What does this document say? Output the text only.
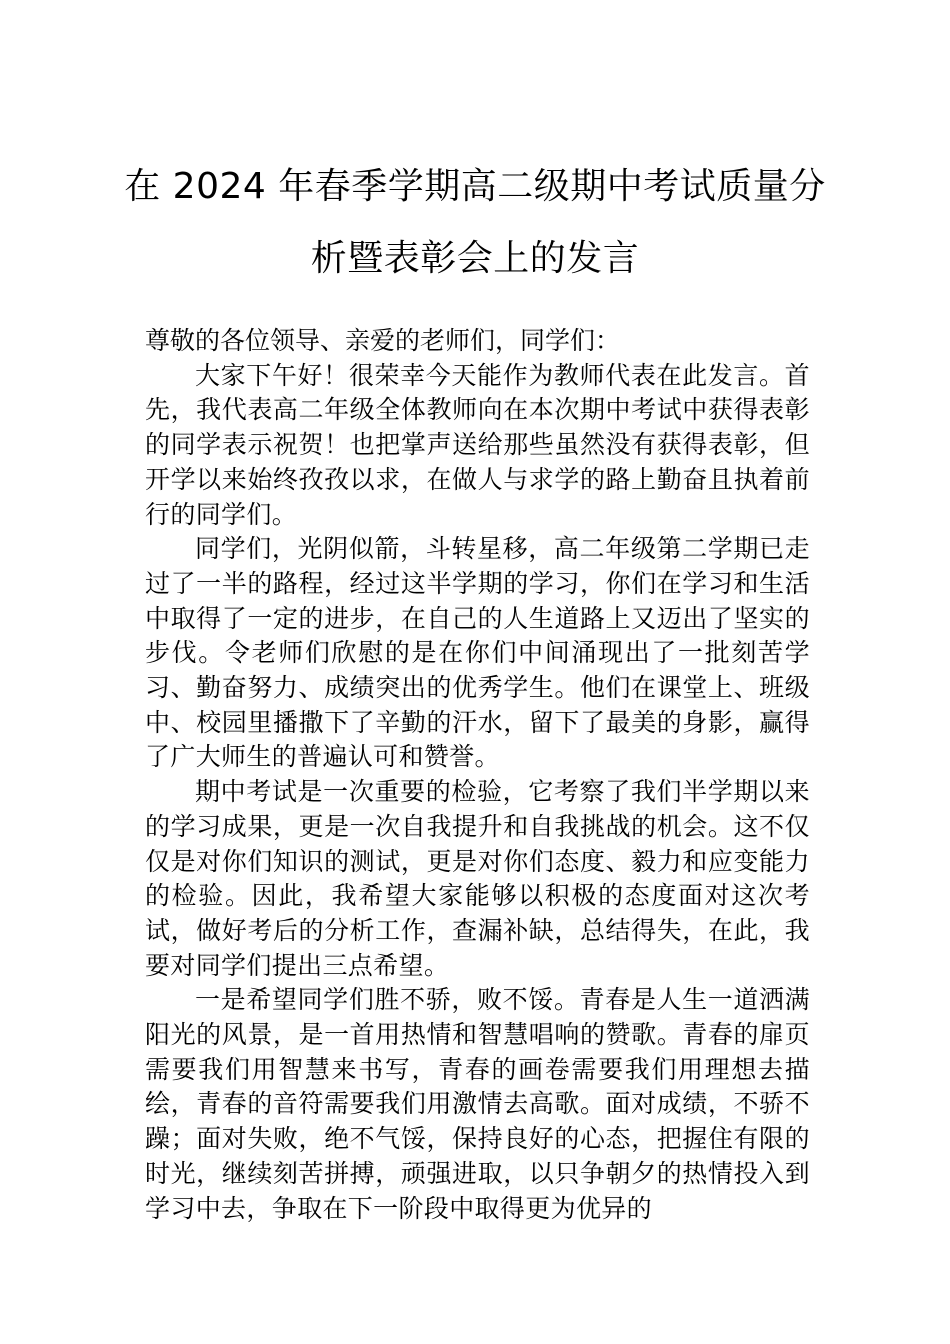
在 2024 年春季学期高二级期中考试质量分
析暨表彰会上的发言

尊敬的各位领导、亲爱的老师们，同学们：

大家下午好！很荣幸今天能作为教师代表在此发言。首先，我代表高二年级全体教师向在本次期中考试中获得表彰的同学表示祝贺！也把掌声送给那些虽然没有获得表彰，但开学以来始终孜孜以求，在做人与求学的路上勤奋且执着前行的同学们。

同学们，光阴似箭，斗转星移，高二年级第二学期已走过了一半的路程，经过这半学期的学习，你们在学习和生活中取得了一定的进步，在自己的人生道路上又迈出了坚实的步伐。令老师们欣慰的是在你们中间涌现出了一批刻苦学习、勤奋努力、成绩突出的优秀学生。他们在课堂上、班级中、校园里播撒下了辛勤的汗水，留下了最美的身影，赢得了广大师生的普遍认可和赞誉。

期中考试是一次重要的检验，它考察了我们半学期以来的学习成果，更是一次自我提升和自我挑战的机会。这不仅仅是对你们知识的测试，更是对你们态度、毅力和应变能力的检验。因此，我希望大家能够以积极的态度面对这次考试，做好考后的分析工作，查漏补缺，总结得失，在此，我要对同学们提出三点希望。

一是希望同学们胜不骄，败不馁。青春是人生一道洒满阳光的风景，是一首用热情和智慧唱响的赞歌。青春的扉页需要我们用智慧来书写，青春的画卷需要我们用理想去描绘，青春的音符需要我们用激情去高歌。面对成绩，不骄不躁；面对失败，绝不气馁，保持良好的心态，把握住有限的时光，继续刻苦拼搏，顽强进取，以只争朝夕的热情投入到学习中去，争取在下一阶段中取得更为优异的
